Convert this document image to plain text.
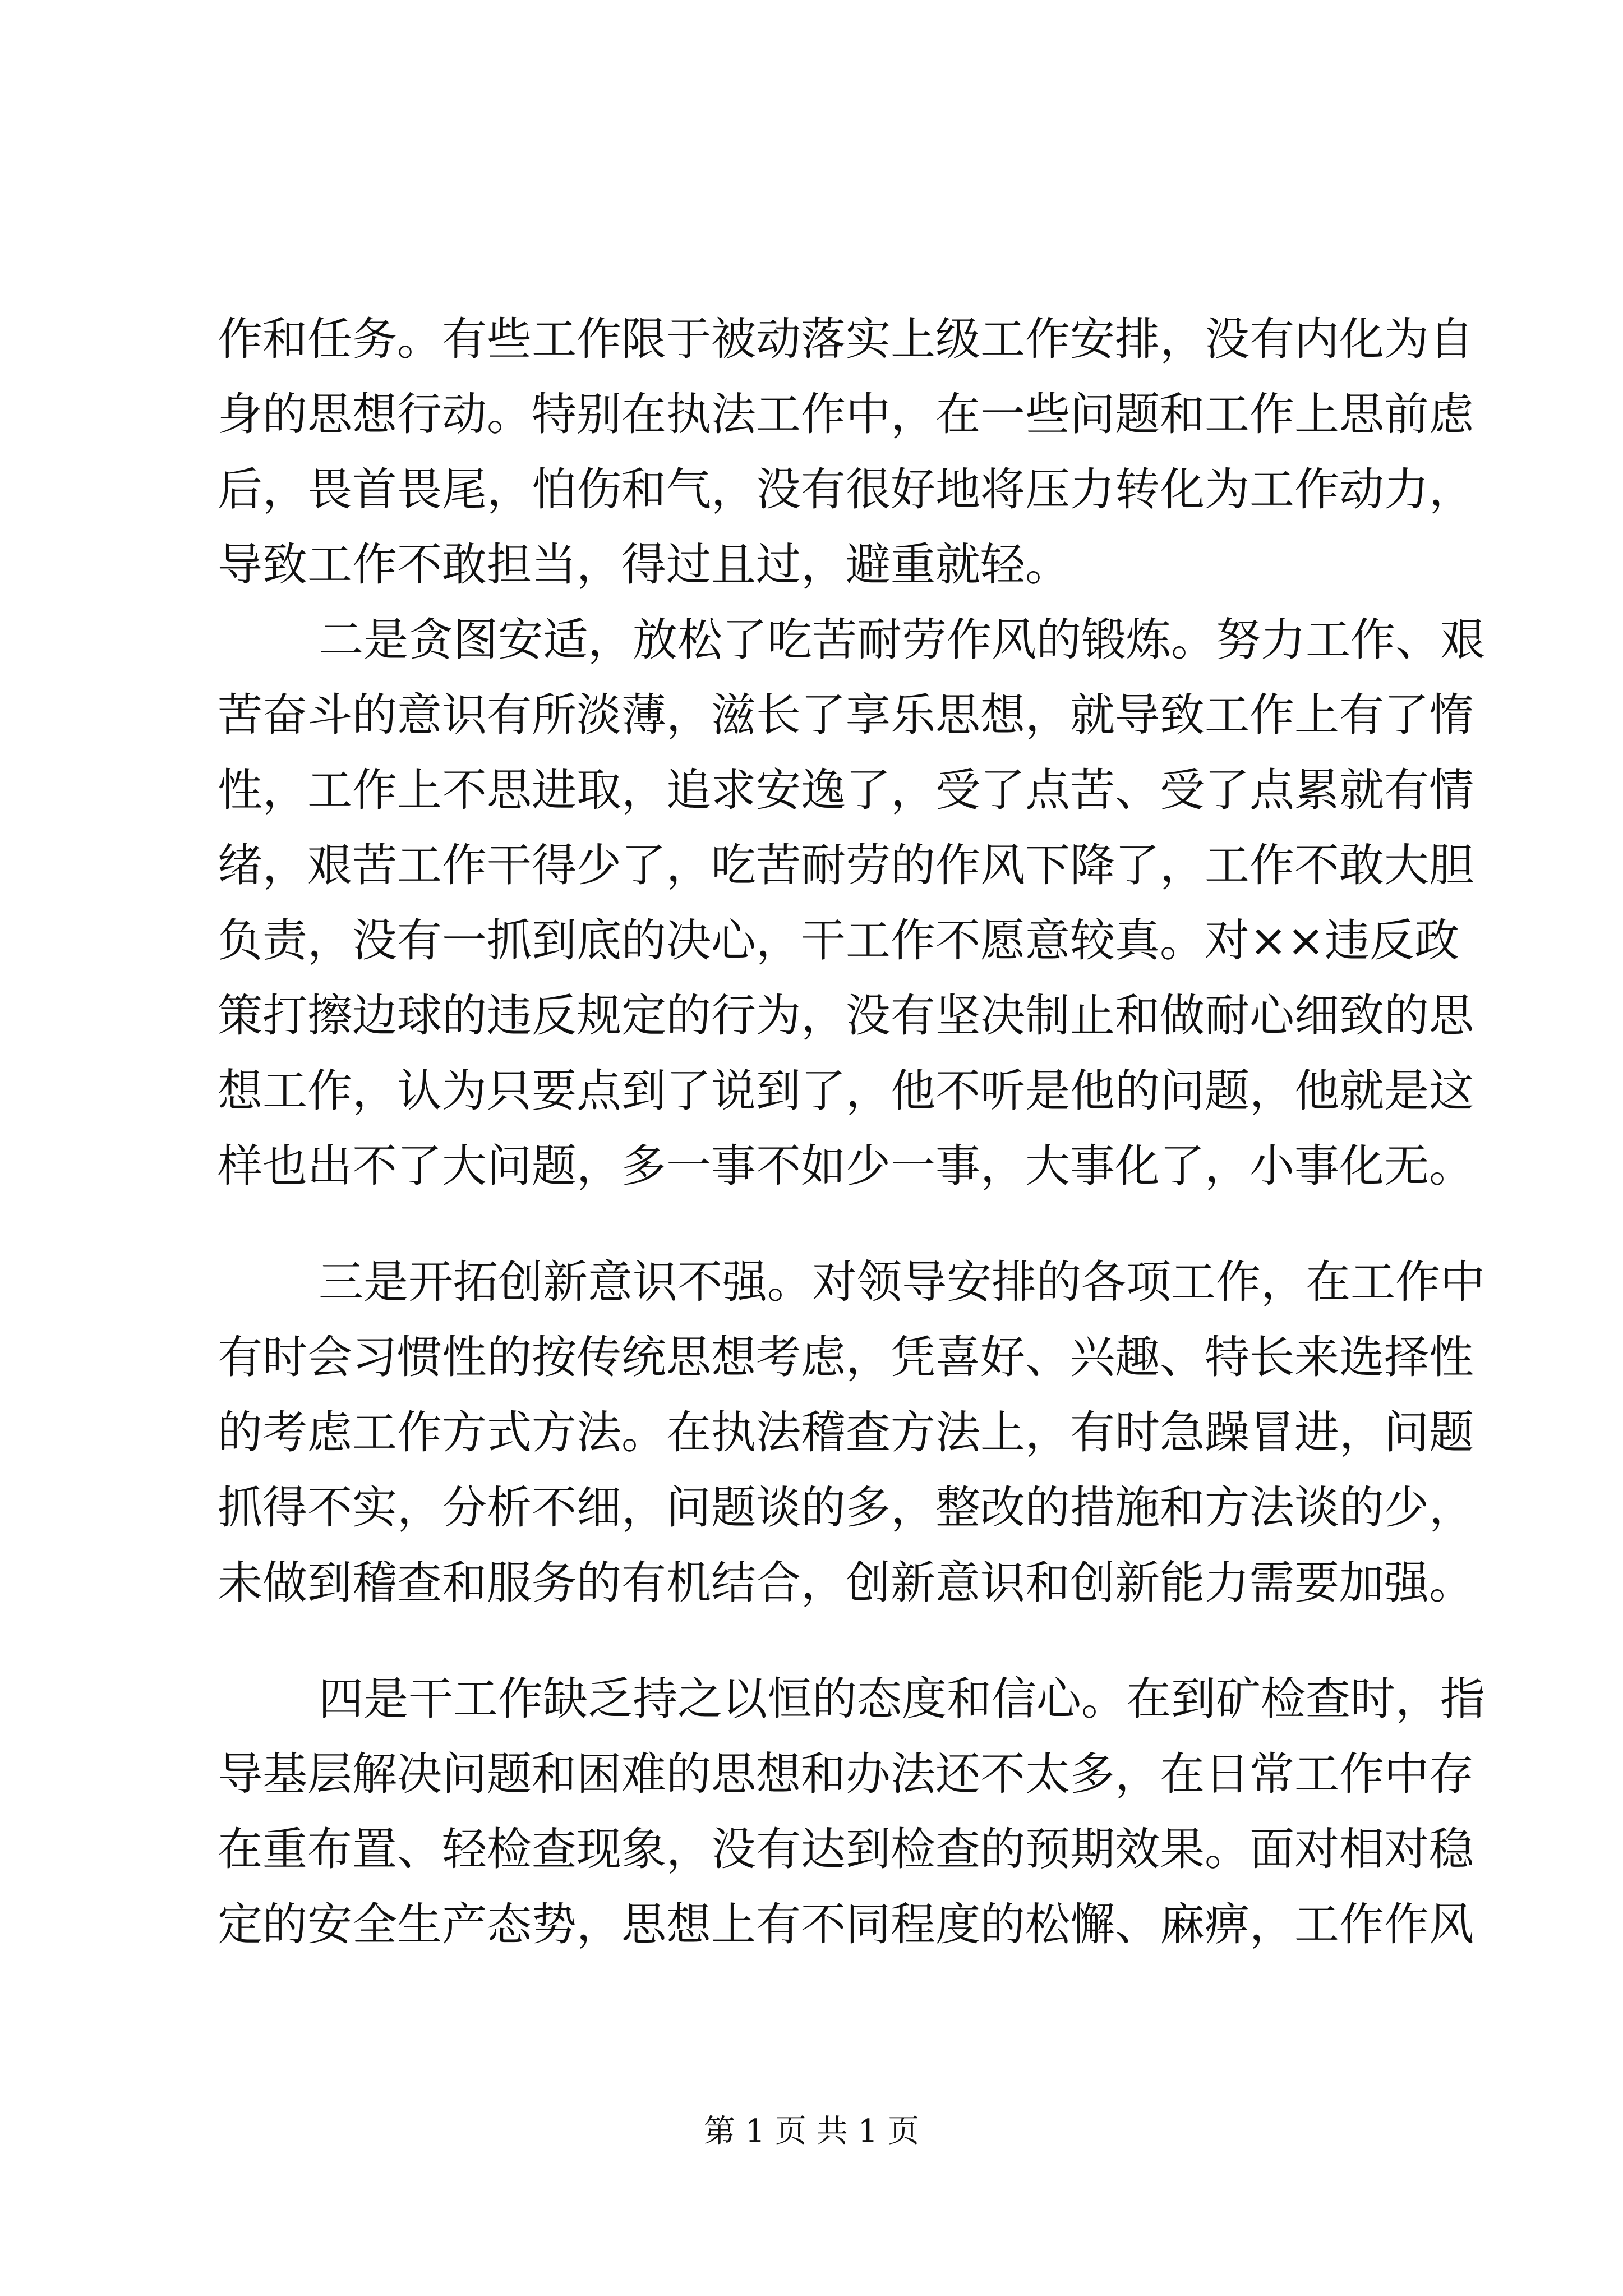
作和任务。有些工作限于被动落实上级工作安排，没有内化为自
身的思想行动。特别在执法工作中，在一些问题和工作上思前虑
后，畏首畏尾，怕伤和气，没有很好地将压力转化为工作动力，
导致工作不敢担当，得过且过，避重就轻。
二是贪图安适，放松了吃苦耐劳作风的锻炼。努力工作、艰
苦奋斗的意识有所淡薄，滋长了享乐思想，就导致工作上有了惰
性，工作上不思进取，追求安逸了，受了点苦、受了点累就有情
绪，艰苦工作干得少了，吃苦耐劳的作风下降了，工作不敢大胆
负责，没有一抓到底的决心，干工作不愿意较真。对××违反政
策打擦边球的违反规定的行为，没有坚决制止和做耐心细致的思
想工作，认为只要点到了说到了，他不听是他的问题，他就是这
样也出不了大问题，多一事不如少一事，大事化了，小事化无。
三是开拓创新意识不强。对领导安排的各项工作，在工作中
有时会习惯性的按传统思想考虑，凭喜好、兴趣、特长来选择性
的考虑工作方式方法。在执法稽查方法上，有时急躁冒进，问题
抓得不实，分析不细，问题谈的多，整改的措施和方法谈的少，
未做到稽查和服务的有机结合，创新意识和创新能力需要加强。
四是干工作缺乏持之以恒的态度和信心。在到矿检查时，指
导基层解决问题和困难的思想和办法还不太多，在日常工作中存
在重布置、轻检查现象，没有达到检查的预期效果。面对相对稳
定的安全生产态势，思想上有不同程度的松懈、麻痹，工作作风
第 1 页 共 1 页
